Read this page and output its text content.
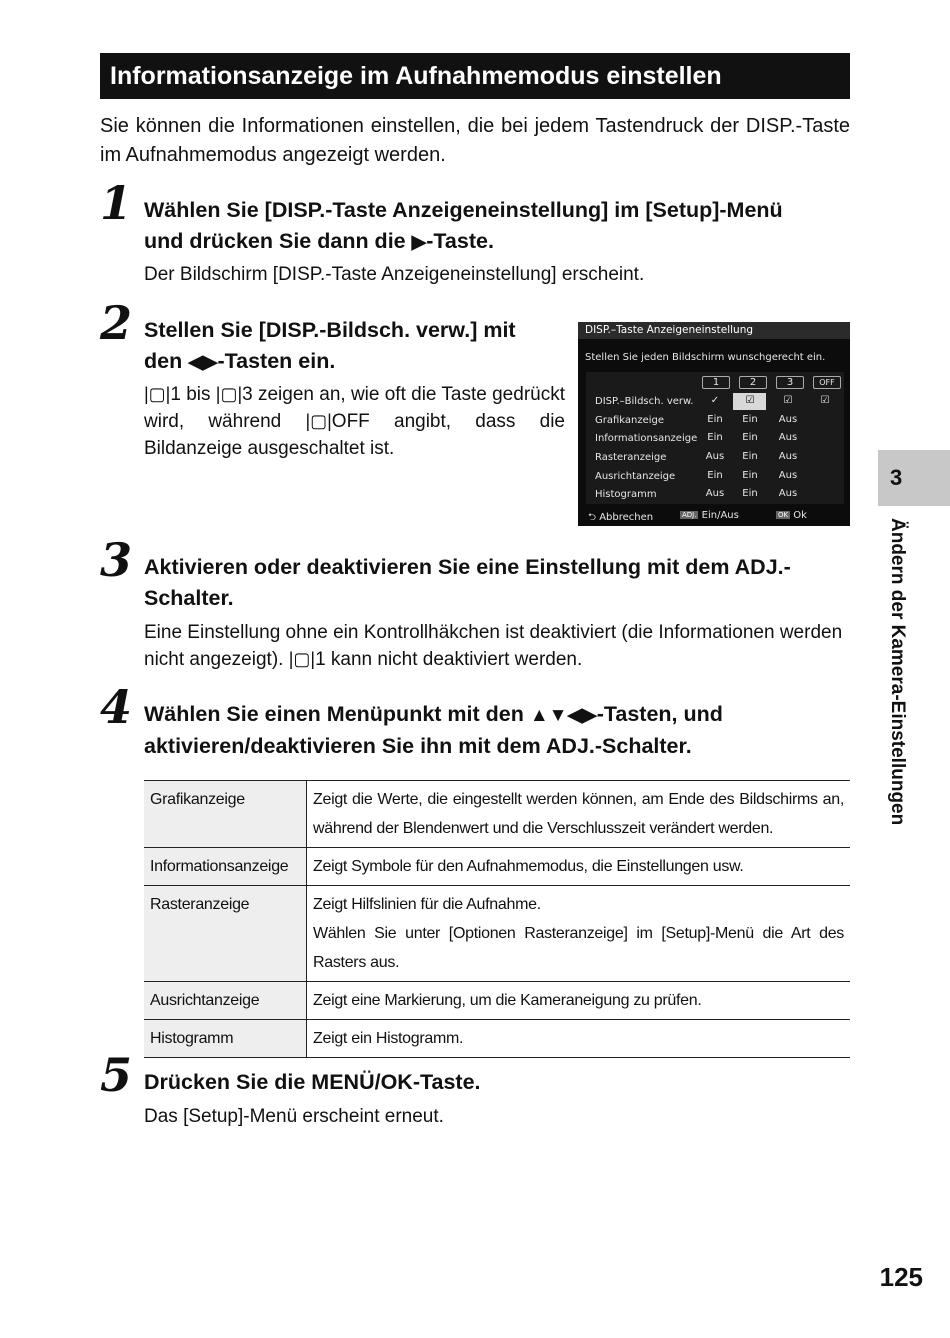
Informationsanzeige im Aufnahmemodus einstellen
Sie können die Informationen einstellen, die bei jedem Tastendruck der DISP.-Taste im Aufnahmemodus angezeigt werden.
1 Wählen Sie [DISP.-Taste Anzeigeneinstellung] im [Setup]-Menü
und drücken Sie dann die ▶-Taste.
Der Bildschirm [DISP.-Taste Anzeigeneinstellung] erscheint.
2 Stellen Sie [DISP.-Bildsch. verw.] mit
den ◀▶-Tasten ein.
|▢|1 bis |▢|3 zeigen an, wie oft die Taste gedrückt wird, während |▢|OFF angibt, dass die Bildanzeige ausgeschaltet ist.
DISP.–Taste Anzeigeneinstellung
Stellen Sie jeden Bildschirm wunschgerecht ein.
1	2	3	OFF
DISP.–Bildsch. verw.	✓	☑	☑	☑
Grafikanzeige	Ein	Ein	Aus
Informationsanzeige	Ein	Ein	Aus
Rasteranzeige	Aus	Ein	Aus
Ausrichtanzeige	Ein	Ein	Aus
Histogramm	Aus	Ein	Aus
⮌ Abbrechen	ADJ. Ein/Aus	OK Ok
3 Aktivieren oder deaktivieren Sie eine Einstellung mit dem ADJ.-Schalter.
Eine Einstellung ohne ein Kontrollhäkchen ist deaktiviert (die Informationen werden nicht angezeigt). |▢|1 kann nicht deaktiviert werden.
4 Wählen Sie einen Menüpunkt mit den ▲▼◀▶-Tasten, und
aktivieren/deaktivieren Sie ihn mit dem ADJ.-Schalter.
Grafikanzeige	Zeigt die Werte, die eingestellt werden können, am Ende des Bildschirms an, während der Blendenwert und die Verschlusszeit verändert werden.
Informationsanzeige	Zeigt Symbole für den Aufnahmemodus, die Einstellungen usw.
Rasteranzeige	Zeigt Hilfslinien für die Aufnahme.
Wählen Sie unter [Optionen Rasteranzeige] im [Setup]-Menü die Art des Rasters aus.

Ausrichtanzeige	Zeigt eine Markierung, um die Kameraneigung zu prüfen.
Histogramm	Zeigt ein Histogramm.
5 Drücken Sie die MENÜ/OK-Taste.
Das [Setup]-Menü erscheint erneut.
3
Ändern der Kamera-Einstellungen
125
